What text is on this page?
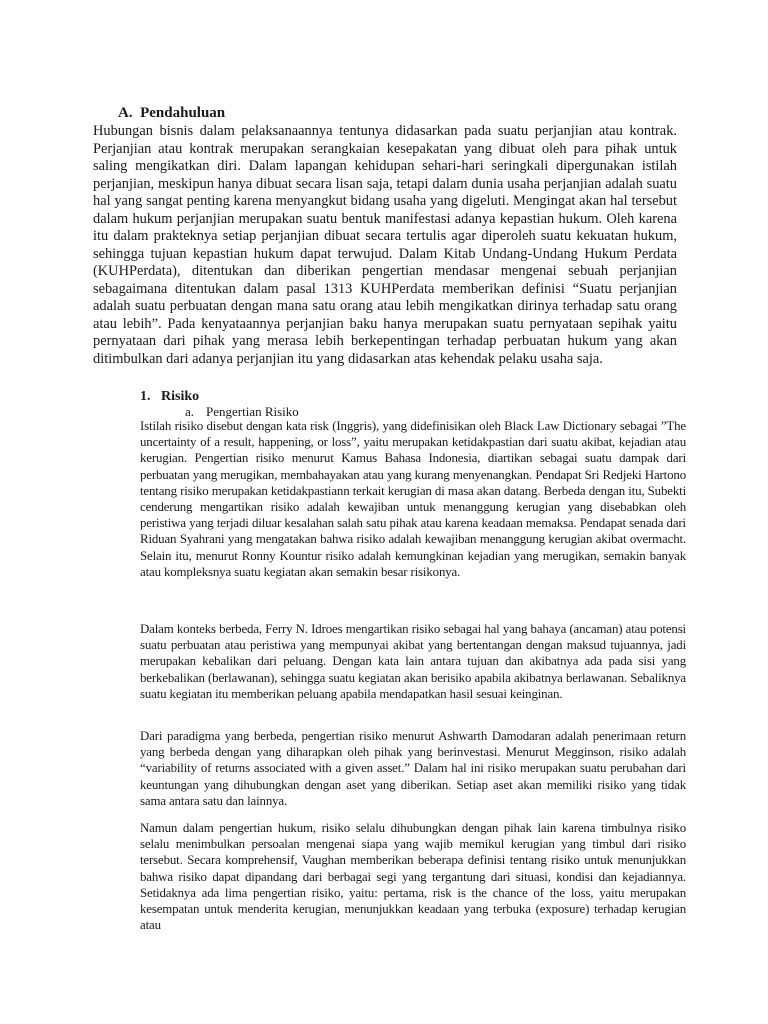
A. Pendahuluan

Hubungan bisnis dalam pelaksanaannya tentunya didasarkan pada suatu perjanjian atau kontrak. Perjanjian atau kontrak merupakan serangkaian kesepakatan yang dibuat oleh para pihak untuk saling mengikatkan diri. Dalam lapangan kehidupan sehari-hari seringkali dipergunakan istilah perjanjian, meskipun hanya dibuat secara lisan saja, tetapi dalam dunia usaha perjanjian adalah suatu hal yang sangat penting karena menyangkut bidang usaha yang digeluti. Mengingat akan hal tersebut dalam hukum perjanjian merupakan suatu bentuk manifestasi adanya kepastian hukum. Oleh karena itu dalam prakteknya setiap perjanjian dibuat secara tertulis agar diperoleh suatu kekuatan hukum, sehingga tujuan kepastian hukum dapat terwujud. Dalam Kitab Undang-Undang Hukum Perdata (KUHPerdata), ditentukan dan diberikan pengertian mendasar mengenai sebuah perjanjian sebagaimana ditentukan dalam pasal 1313 KUHPerdata memberikan definisi “Suatu perjanjian adalah suatu perbuatan dengan mana satu orang atau lebih mengikatkan dirinya terhadap satu orang atau lebih”. Pada kenyataannya perjanjian baku hanya merupakan suatu pernyataan sepihak yaitu pernyataan dari pihak yang merasa lebih berkepentingan terhadap perbuatan hukum yang akan ditimbulkan dari adanya perjanjian itu yang didasarkan atas kehendak pelaku usaha saja.

1. Risiko
a. Pengertian Risiko

Istilah risiko disebut dengan kata risk (Inggris), yang didefinisikan oleh Black Law Dictionary sebagai ”The uncertainty of a result, happening, or loss”, yaitu merupakan ketidakpastian dari suatu akibat, kejadian atau kerugian. Pengertian risiko menurut Kamus Bahasa Indonesia, diartikan sebagai suatu dampak dari perbuatan yang merugikan, membahayakan atau yang kurang menyenangkan. Pendapat Sri Redjeki Hartono tentang risiko merupakan ketidakpastiann terkait kerugian di masa akan datang. Berbeda dengan itu, Subekti cenderung mengartikan risiko adalah kewajiban untuk menanggung kerugian yang disebabkan oleh peristiwa yang terjadi diluar kesalahan salah satu pihak atau karena keadaan memaksa. Pendapat senada dari Riduan Syahrani yang mengatakan bahwa risiko adalah kewajiban menanggung kerugian akibat overmacht. Selain itu, menurut Ronny Kountur risiko adalah kemungkinan kejadian yang merugikan, semakin banyak atau kompleksnya suatu kegiatan akan semakin besar risikonya.

Dalam konteks berbeda, Ferry N. Idroes mengartikan risiko sebagai hal yang bahaya (ancaman) atau potensi suatu perbuatan atau peristiwa yang mempunyai akibat yang bertentangan dengan maksud tujuannya, jadi merupakan kebalikan dari peluang. Dengan kata lain antara tujuan dan akibatnya ada pada sisi yang berkebalikan (berlawanan), sehingga suatu kegiatan akan berisiko apabila akibatnya berlawanan. Sebaliknya suatu kegiatan itu memberikan peluang apabila mendapatkan hasil sesuai keinginan.

Dari paradigma yang berbeda, pengertian risiko menurut Ashwarth Damodaran adalah penerimaan return yang berbeda dengan yang diharapkan oleh pihak yang berinvestasi. Menurut Megginson, risiko adalah “variability of returns associated with a given asset.” Dalam hal ini risiko merupakan suatu perubahan dari keuntungan yang dihubungkan dengan aset yang diberikan. Setiap aset akan memiliki risiko yang tidak sama antara satu dan lainnya.

Namun dalam pengertian hukum, risiko selalu dihubungkan dengan pihak lain karena timbulnya risiko selalu menimbulkan persoalan mengenai siapa yang wajib memikul kerugian yang timbul dari risiko tersebut. Secara komprehensif, Vaughan memberikan beberapa definisi tentang risiko untuk menunjukkan bahwa risiko dapat dipandang dari berbagai segi yang tergantung dari situasi, kondisi dan kejadiannya. Setidaknya ada lima pengertian risiko, yaitu: pertama, risk is the chance of the loss, yaitu merupakan kesempatan untuk menderita kerugian, menunjukkan keadaan yang terbuka (exposure) terhadap kerugian atau
